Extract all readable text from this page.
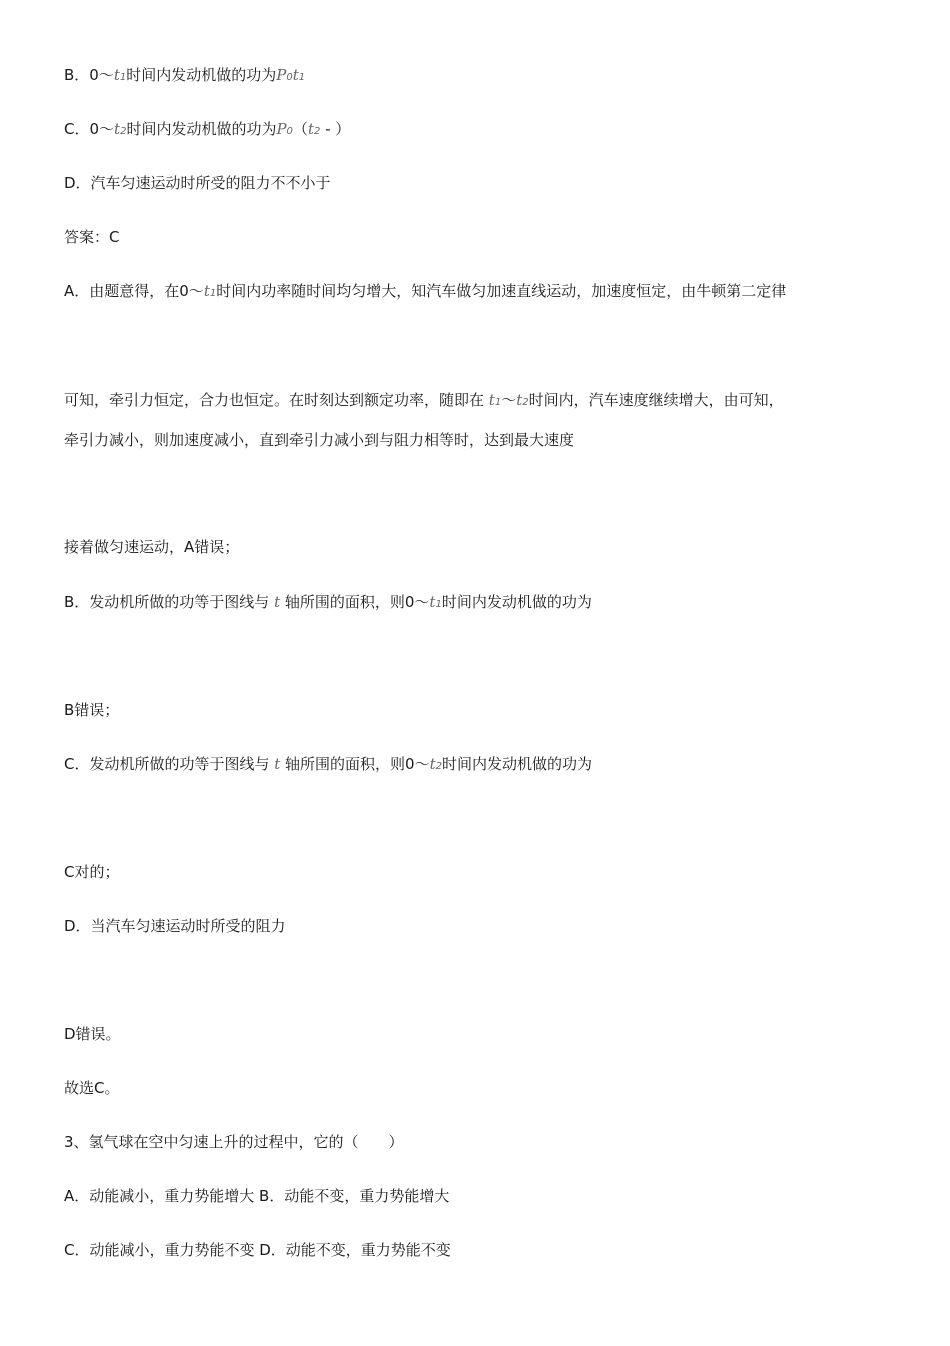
B．0～t1时间内发动机做的功为P0t1
C．0～t2时间内发动机做的功为P0（t2 - ）
D．汽车匀速运动时所受的阻力不不小于
答案：C
A．由题意得，在0～t1时间内功率随时间均匀增大，知汽车做匀加速直线运动，加速度恒定，由牛顿第二定律
可知，牵引力恒定，合力也恒定。在时刻达到额定功率，随即在 t1～t2时间内，汽车速度继续增大，由可知，
牵引力减小，则加速度减小，直到牵引力减小到与阻力相等时，达到最大速度
接着做匀速运动，A错误；
B．发动机所做的功等于图线与 t 轴所围的面积，则0～t1时间内发动机做的功为
B错误；
C．发动机所做的功等于图线与 t 轴所围的面积，则0～t2时间内发动机做的功为
C对的；
D．当汽车匀速运动时所受的阻力
D错误。
故选C。
3、氢气球在空中匀速上升的过程中，它的（　　）
A．动能减小，重力势能增大 B．动能不变，重力势能增大
C．动能减小，重力势能不变 D．动能不变，重力势能不变
